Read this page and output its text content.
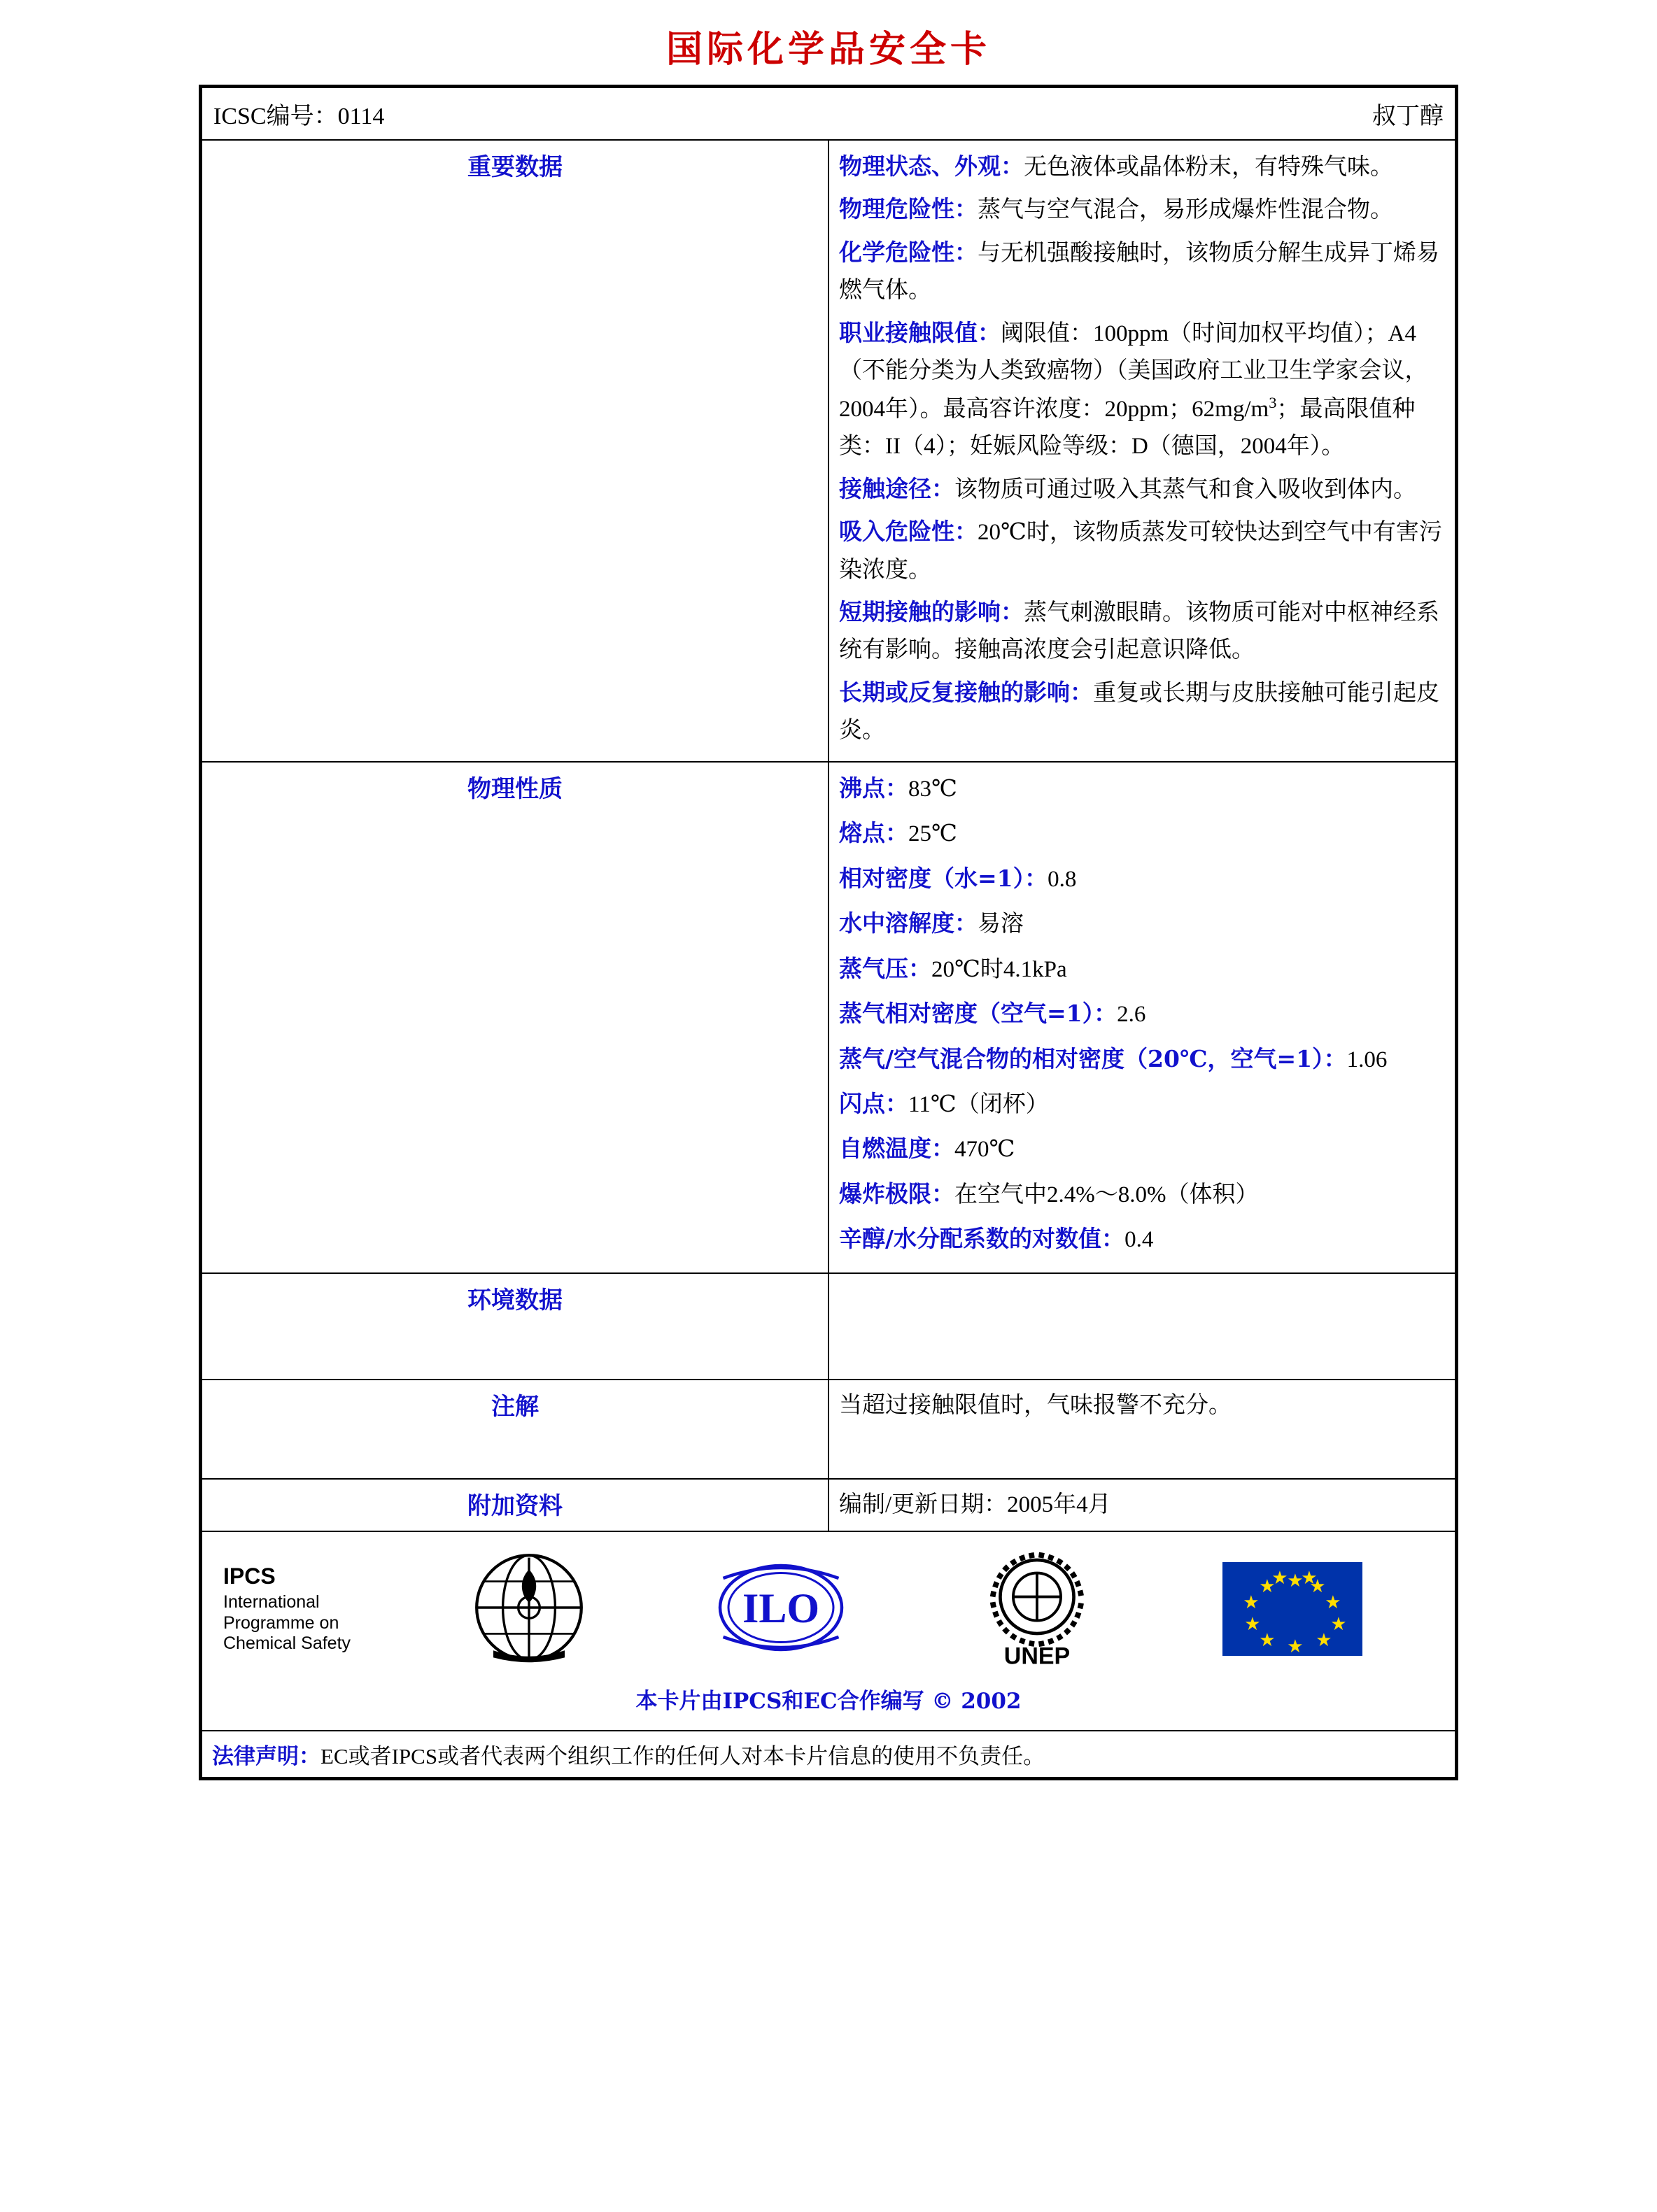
国际化学品安全卡
ICSC编号：0114	叔丁醇

重要数据	物理状态、外观：无色液体或晶体粉末，有特殊气味。

物理危险性：蒸气与空气混合，易形成爆炸性混合物。

化学危险性：与无机强酸接触时，该物质分解生成异丁烯易燃气体。

职业接触限值：阈限值：100ppm（时间加权平均值）；A4（不能分类为人类致癌物）（美国政府工业卫生学家会议，2004年）。最高容许浓度：20ppm；$62mg/m^3$；最高限值种类：II（4）；妊娠风险等级：D（德国，2004年）。

接触途径：该物质可通过吸入其蒸气和食入吸收到体内。

吸入危险性：20℃时，该物质蒸发可较快达到空气中有害污染浓度。

短期接触的影响：蒸气刺激眼睛。该物质可能对中枢神经系统有影响。接触高浓度会引起意识降低。

长期或反复接触的影响：重复或长期与皮肤接触可能引起皮炎。

物理性质	沸点：83℃

熔点：25℃

相对密度（水=1）：0.8

水中溶解度：易溶

蒸气压：20℃时4.1kPa

蒸气相对密度（空气=1）：2.6

蒸气/空气混合物的相对密度（20℃，空气=1）：1.06

闪点：11℃（闭杯）

自燃温度：470℃

爆炸极限：在空气中2.4%～8.0%（体积）

辛醇/水分配系数的对数值：0.4

环境数据	
注解	当超过接触限值时，气味报警不充分。
附加资料	编制/更新日期：2005年4月

IPCS
International
Programme on
Chemical Safety
ILO
UNEP
★ ★
★
★
★
★
★
★
★
★
★ ★
本卡片由IPCS和EC合作编写 © 2002

法律声明：EC或者IPCS或者代表两个组织工作的任何人对本卡片信息的使用不负责任。
